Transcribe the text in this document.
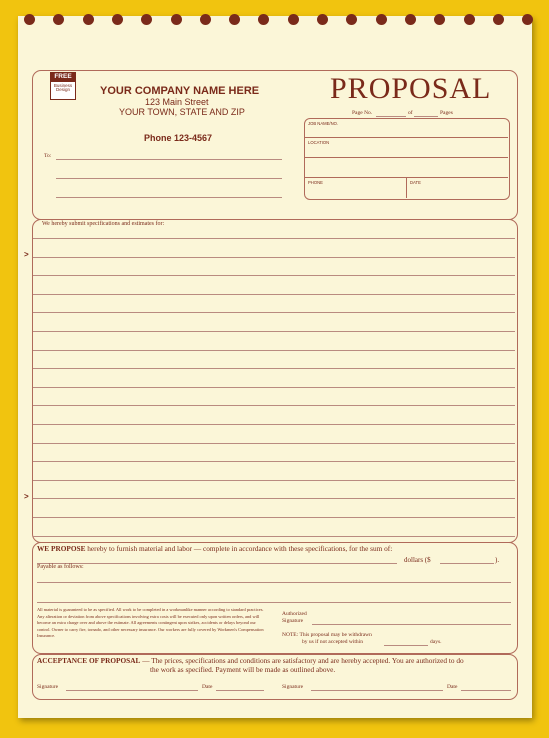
FREE
Business Design	YOUR COMPANY NAME HERE
123 Main Street
YOUR TOWN, STATE AND ZIP
Phone 123-4567
PROPOSAL
Page No.	of	Pages
JOB NAME/NO.
LOCATION
PHONE	DATE
To:
We hereby submit specifications and estimates for:
>
>
WE PROPOSE hereby to furnish material and labor — complete in accordance with these specifications, for the sum of:
dollars ($	).
Payable as follows:
All material is guaranteed to be as specified. All work to be completed in a workmanlike manner according to standard practices. Any alteration or deviation from above specifications involving extra costs will be executed only upon written orders, and will become an extra charge over and above the estimate. All agreements contingent upon strikes, accidents or delays beyond our control. Owner to carry fire, tornado, and other necessary insurance. Our workers are fully covered by Workmen's Compensation Insurance.
Authorized
Signature
NOTE: This proposal may be withdrawn
by us if not accepted within	days.
ACCEPTANCE OF PROPOSAL — The prices, specifications and conditions are satisfactory and are hereby accepted. You are authorized to do
the work as specified. Payment will be made as outlined above.
Signature	Date	Signature	Date
